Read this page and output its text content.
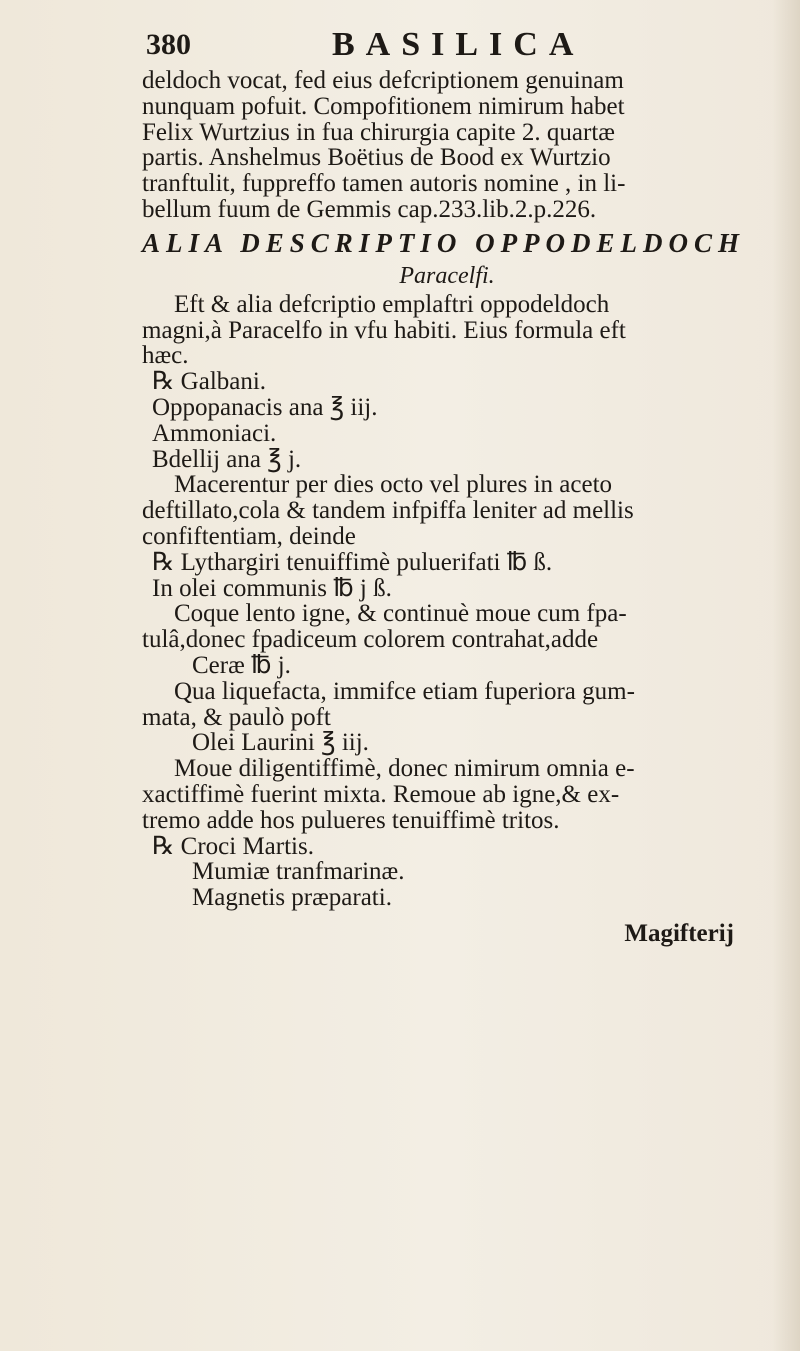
380	BASILICA
deldoch vocat, fed eius defcriptionem genuinam
nunquam pofuit. Compofitionem nimirum habet
Felix Wurtzius in fua chirurgia capite 2. quartæ
partis. Anshelmus Boëtius de Bood ex Wurtzio
tranftulit, fuppreffo tamen autoris nomine , in li-
bellum fuum de Gemmis cap.233.lib.2.p.226.
ALIA DESCRIPTIO OPPODELDOCH
Paracelfi.
Eft & alia defcriptio emplaftri oppodeldoch
magni,à Paracelfo in vfu habiti. Eius formula eft
hæc.
℞ Galbani.
Oppopanacis ana ℥ iij.
Ammoniaci.
Bdellij ana ℥ j.
Macerentur per dies octo vel plures in aceto
deftillato,cola & tandem infpiffa leniter ad mellis
confiftentiam, deinde
℞ Lythargiri tenuiffimè puluerifati ℔ ß.
In olei communis ℔ j ß.
Coque lento igne, & continuè moue cum fpa-
tulâ,donec fpadiceum colorem contrahat,adde
Ceræ ℔ j.
Qua liquefacta, immifce etiam fuperiora gum-
mata, & paulò poft
Olei Laurini ℥ iij.
Moue diligentiffimè, donec nimirum omnia e-
xactiffimè fuerint mixta. Remoue ab igne,& ex-
tremo adde hos pulueres tenuiffimè tritos.
℞ Croci Martis.
Mumiæ tranfmarinæ.
Magnetis præparati.
Magifterij
